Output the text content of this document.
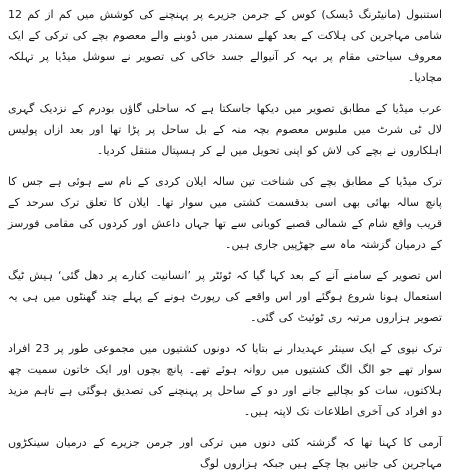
استنبول (مانیٹرنگ ڈیسک) کوس کے جرمن جزیرے پر پہنچنے کی کوشش میں کم از کم 12 شامی مہاجرین کی ہلاکت کے بعد کھلے سمندر میں ڈوبنے والے معصوم بچے کی ترکی کے ایک معروف سیاحتی مقام پر بہہ کر آنیوالے جسد خاکی کی تصویر نے سوشل میڈیا پر تہلکہ مچادیا۔

عرب میڈیا کے مطابق تصویر میں دیکھا جاسکتا ہے کہ ساحلی گاؤں بودرم کے نزدیک گہری لال ٹی شرٹ میں ملبوس معصوم بچہ منہ کے بل ساحل پر پڑا تھا اور بعد ازاں پولیس اہلکاروں نے بچے کی لاش کو اپنی تحویل میں لے کر ہسپتال منتقل کردیا۔

ترک میڈیا کے مطابق بچے کی شناخت تین سالہ ایلان کردی کے نام سے ہوئی ہے جس کا پانچ سالہ بھائی بھی اسی بدقسمت کشتی میں سوار تھا۔ ایلان کا تعلق ترک سرحد کے قریب واقع شام کے شمالی قصبے کوبانی سے تھا جہاں داعش اور کردوں کی مقامی فورسز کے درمیان گزشتہ ماہ سے جھڑپیں جاری ہیں۔

اس تصویر کے سامنے آنے کے بعد کہا گیا کہ ٹوئٹر پر ’انسانیت کنارے پر دھل گئی‘ ہیش ٹیگ استعمال ہونا شروع ہوگئے اور اس واقعے کی رپورٹ ہونے کے پہلے چند گھنٹوں میں ہی یہ تصویر ہزاروں مرتبہ ری ٹوئیٹ کی گئی۔

ترک نیوی کے ایک سینئر عہدیدار نے بتایا کہ دونوں کشتیوں میں مجموعی طور پر 23 افراد سوار تھے جو الگ الگ کشتیوں میں روانہ ہوئے تھے۔ پانچ بچوں اور ایک خاتون سمیت چھ ہلاکتوں، سات کو بچالیے جانے اور دو کے ساحل پر پہنچنے کی تصدیق ہوگئی ہے تاہم مزید دو افراد کی آخری اطلاعات تک لاپتہ ہیں۔

آرمی کا کہنا تھا کہ گزشتہ کئی دنوں میں ترکی اور جرمن جزیرے کے درمیان سینکڑوں مہاجرین کی جانیں بچا چکے ہیں جبکہ ہزاروں لوگ
